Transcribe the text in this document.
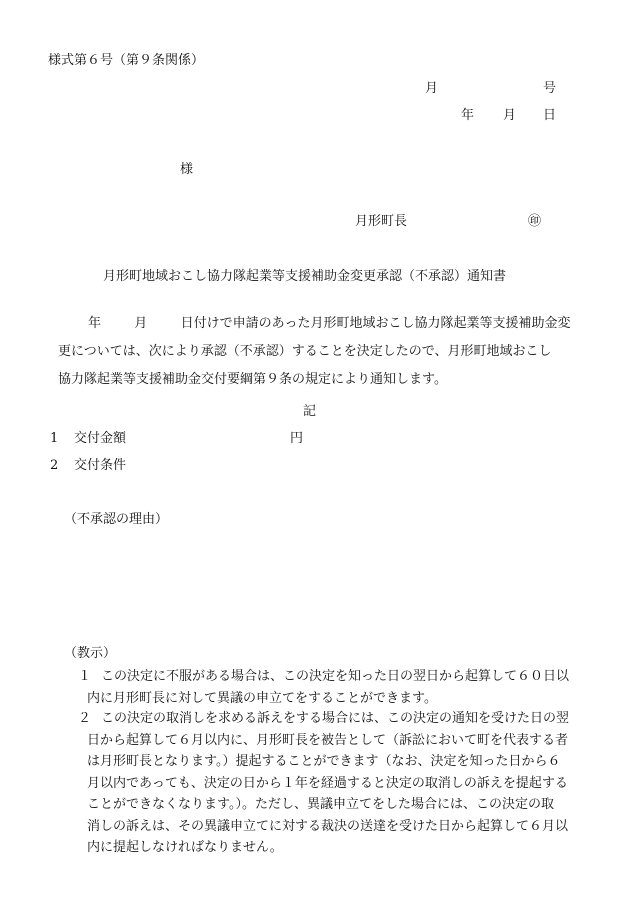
様式第６号（第９条関係）
月	号
年 月 日
様
月形町長	㊞
月形町地域おこし協力隊起業等支援補助金変更承認（不承認）通知書
年	月	日付けで申請のあった月形町地域おこし協力隊起業等支援補助金変
更については、次により承認（不承認）することを決定したので、月形町地域おこし
協力隊起業等支援補助金交付要綱第９条の規定により通知します。
記
1 交付金額	円
2 交付条件
（不承認の理由）
（教示）
１ この決定に不服がある場合は、この決定を知った日の翌日から起算して６０日以
内に月形町長に対して異議の申立てをすることができます。
２ この決定の取消しを求める訴えをする場合には、この決定の通知を受けた日の翌
日から起算して６月以内に、月形町長を被告として（訴訟において町を代表する者
は月形町長となります。）提起することができます（なお、決定を知った日から６
月以内であっても、決定の日から１年を経過すると決定の取消しの訴えを提起する
ことができなくなります。）。ただし、異議申立てをした場合には、この決定の取
消しの訴えは、その異議申立てに対する裁決の送達を受けた日から起算して６月以
内に提起しなければなりません。
